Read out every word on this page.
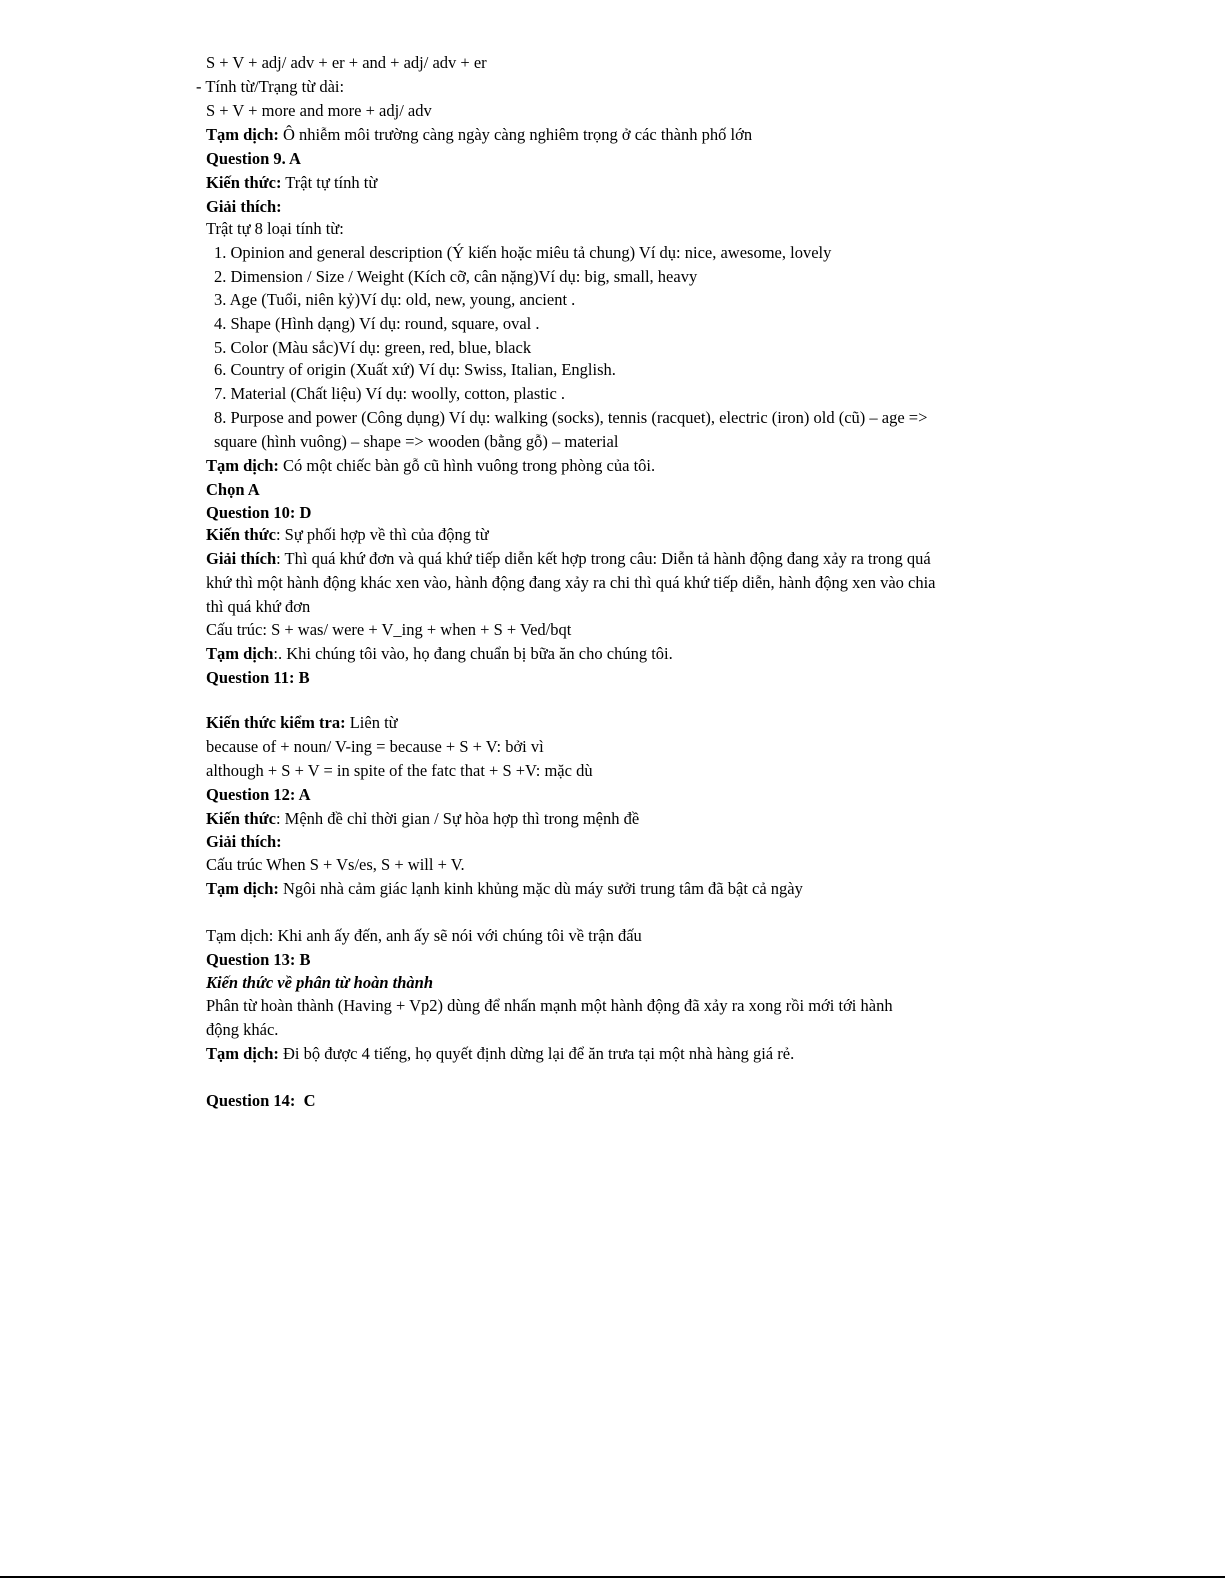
S + V + adj/ adv + er + and + adj/ adv + er
- Tính từ/Trạng từ dài:
S + V + more and more + adj/ adv
Tạm dịch: Ô nhiễm môi trường càng ngày càng nghiêm trọng ở các thành phố lớn
Question 9. A
Kiến thức: Trật tự tính từ
Giải thích:
Trật tự 8 loại tính từ:
1. Opinion and general description (Ý kiến hoặc miêu tả chung) Ví dụ: nice, awesome, lovely
2. Dimension / Size / Weight (Kích cỡ, cân nặng)Ví dụ: big, small, heavy
3. Age (Tuổi, niên kỷ)Ví dụ: old, new, young, ancient .
4. Shape (Hình dạng) Ví dụ: round, square, oval .
5. Color (Màu sắc)Ví dụ: green, red, blue, black
6. Country of origin (Xuất xứ) Ví dụ: Swiss, Italian, English.
7. Material (Chất liệu) Ví dụ: woolly, cotton, plastic .
8. Purpose and power (Công dụng) Ví dụ: walking (socks), tennis (racquet), electric (iron) old (cũ) – age =>
square (hình vuông) – shape => wooden (bằng gỗ) – material
Tạm dịch: Có một chiếc bàn gỗ cũ hình vuông trong phòng của tôi.
Chọn A
Question 10: D
Kiến thức: Sự phối hợp về thì của động từ
Giải thích: Thì quá khứ đơn và quá khứ tiếp diễn kết hợp trong câu: Diễn tả hành động đang xảy ra trong quá
khứ thì một hành động khác xen vào, hành động đang xảy ra chi thì quá khứ tiếp diễn, hành động xen vào chia
thì quá khứ đơn
Cấu trúc: S + was/ were + V_ing + when + S + Ved/bqt
Tạm dịch:. Khi chúng tôi vào, họ đang chuẩn bị bữa ăn cho chúng tôi.
Question 11: B
Kiến thức kiểm tra: Liên từ
because of + noun/ V-ing = because + S + V: bởi vì
although + S + V = in spite of the fatc that + S +V: mặc dù
Question 12: A
Kiến thức: Mệnh đề chỉ thời gian / Sự hòa hợp thì trong mệnh đề
Giải thích:
Cấu trúc When S + Vs/es, S + will + V.
Tạm dịch: Ngôi nhà cảm giác lạnh kinh khủng mặc dù máy sưởi trung tâm đã bật cả ngày
Tạm dịch: Khi anh ấy đến, anh ấy sẽ nói với chúng tôi về trận đấu
Question 13: B
Kiến thức về phân từ hoàn thành
Phân từ hoàn thành (Having + Vp2) dùng để nhấn mạnh một hành động đã xảy ra xong rồi mới tới hành
động khác.
Tạm dịch: Đi bộ được 4 tiếng, họ quyết định dừng lại để ăn trưa tại một nhà hàng giá rẻ.
Question 14:  C
